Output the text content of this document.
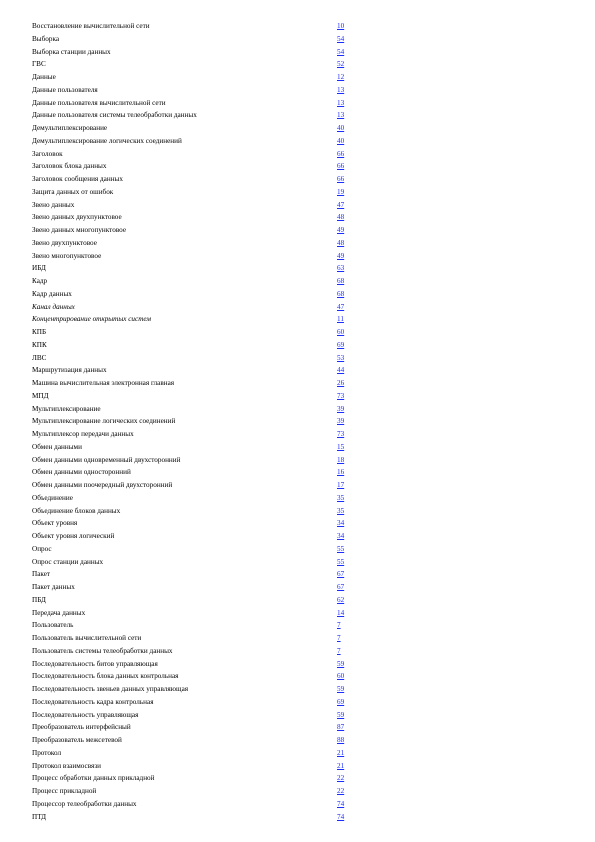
Восстановление вычислительной сети	10
Выборка	54
Выборка станции данных	54
ГВС	52
Данные	12
Данные пользователя	13
Данные пользователя вычислительной сети	13
Данные пользователя системы телеобработки данных	13
Демультиплексирование	40
Демультиплексирование логических соединений	40
Заголовок	66
Заголовок блока данных	66
Заголовок сообщения данных	66
Защита данных от ошибок	19
Звено данных	47
Звено данных двухпунктовое	48
Звено данных многопунктовое	49
Звено двухпунктовое	48
Звено многопунктовое	49
ИБД	63
Кадр	68
Кадр данных	68
Канал данных	47
Концентрирование открытых систем	11
КПБ	60
КПК	69
ЛВС	53
Маршрутизация данных	44
Машина вычислительная электронная главная	26
МПД	73
Мультиплексирование	39
Мультиплексирование логических соединений	39
Мультиплексор передачи данных	73
Обмен данными	15
Обмен данными одновременный двухсторонний	18
Обмен данными односторонний	16
Обмен данными поочередный двухсторонний	17
Объединение	35
Объединение блоков данных	35
Объект уровня	34
Объект уровня логический	34
Опрос	55
Опрос станции данных	55
Пакет	67
Пакет данных	67
ПБД	62
Передача данных	14
Пользователь	7
Пользователь вычислительной сети	7
Пользователь системы телеобработки данных	7
Последовательность битов управляющая	59
Последовательность блока данных контрольная	60
Последовательность звеньев данных управляющая	59
Последовательность кадра контрольная	69
Последовательность управляющая	59
Преобразователь интерфейсный	87
Преобразователь межсетевой	88
Протокол	21
Протокол взаимосвязи	21
Процесс обработки данных прикладной	22
Процесс прикладной	22
Процессор телеобработки данных	74
ПТД	74
